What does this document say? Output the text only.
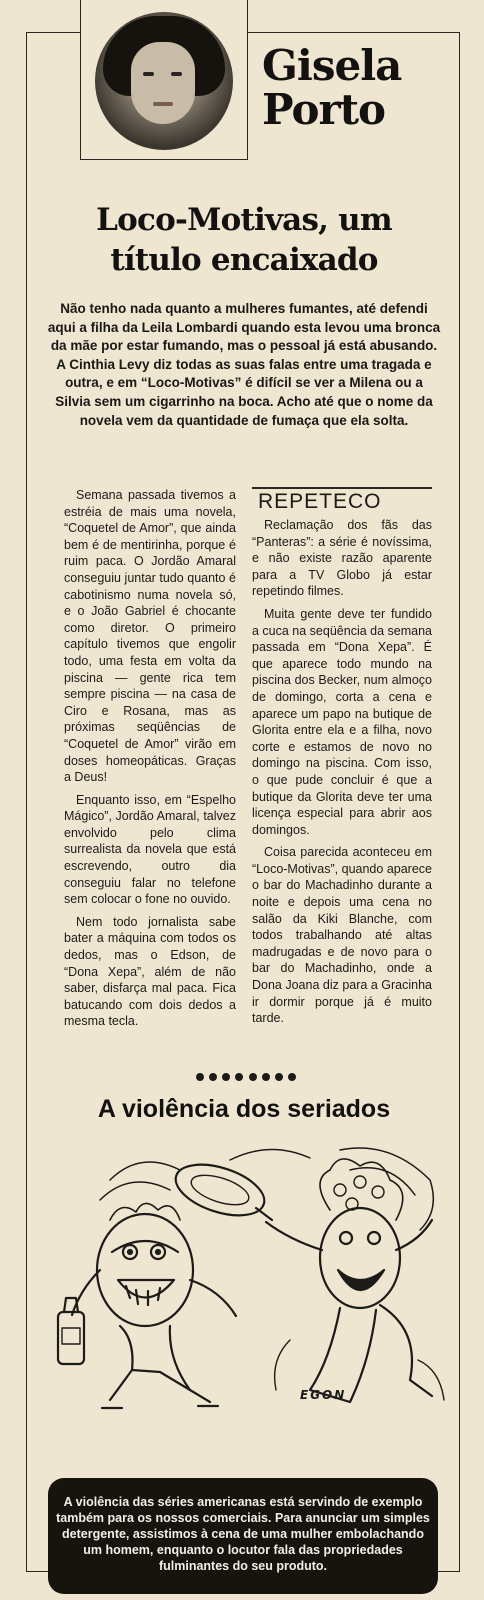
Gisela
Porto
Loco-Motivas, um
título encaixado

Não tenho nada quanto a mulheres fumantes, até defendi aqui a filha da Leila Lombardi quando esta levou uma bronca da mãe por estar fumando, mas o pessoal já está abusando. A Cinthia Levy diz todas as suas falas entre uma tragada e outra, e em “Loco-Motivas” é difícil se ver a Milena ou a Silvia sem um cigarrinho na boca. Acho até que o nome da novela vem da quantidade de fumaça que ela solta.

Semana passada tivemos a estréia de mais uma novela, “Coquetel de Amor”, que ainda bem é de mentirinha, porque é ruim paca. O Jordão Amaral conseguiu juntar tudo quanto é cabotinismo numa novela só, e o João Gabriel é chocante como diretor. O primeiro capítulo tivemos que engolir todo, uma festa em volta da piscina — gente rica tem sempre piscina — na casa de Ciro e Rosana, mas as próximas seqüências de “Coquetel de Amor” virão em doses homeopáticas. Graças a Deus!

Enquanto isso, em “Espelho Mágico”, Jordão Amaral, talvez envolvido pelo clima surrealista da novela que está escrevendo, outro dia conseguiu falar no telefone sem colocar o fone no ouvido.

Nem todo jornalista sabe bater a máquina com todos os dedos, mas o Edson, de “Dona Xepa”, além de não saber, disfarça mal paca. Fica batucando com dois dedos a mesma tecla.

REPETECO

Reclamação dos fãs das “Panteras”: a série é novíssima, e não existe razão aparente para a TV Globo já estar repetindo filmes.

Muita gente deve ter fundido a cuca na seqüência da semana passada em “Dona Xepa”. É que aparece todo mundo na piscina dos Becker, num almoço de domingo, corta a cena e aparece um papo na butique de Glorita entre ela e a filha, novo corte e estamos de novo no domingo na piscina. Com isso, o que pude concluir é que a butique da Glorita deve ter uma licença especial para abrir aos domingos.

Coisa parecida aconteceu em “Loco-Motivas”, quando aparece o bar do Machadinho durante a noite e depois uma cena no salão da Kiki Blanche, com todos trabalhando até altas madrugadas e de novo para o bar do Machadinho, onde a Dona Joana diz para a Gracinha ir dormir porque já é muito tarde.

A violência dos seriados

EGON

A violência das séries americanas está servindo de exemplo também para os nossos comerciais. Para anunciar um simples detergente, assistimos à cena de uma mulher embolachando um homem, enquanto o locutor fala das propriedades fulminantes do seu produto.
